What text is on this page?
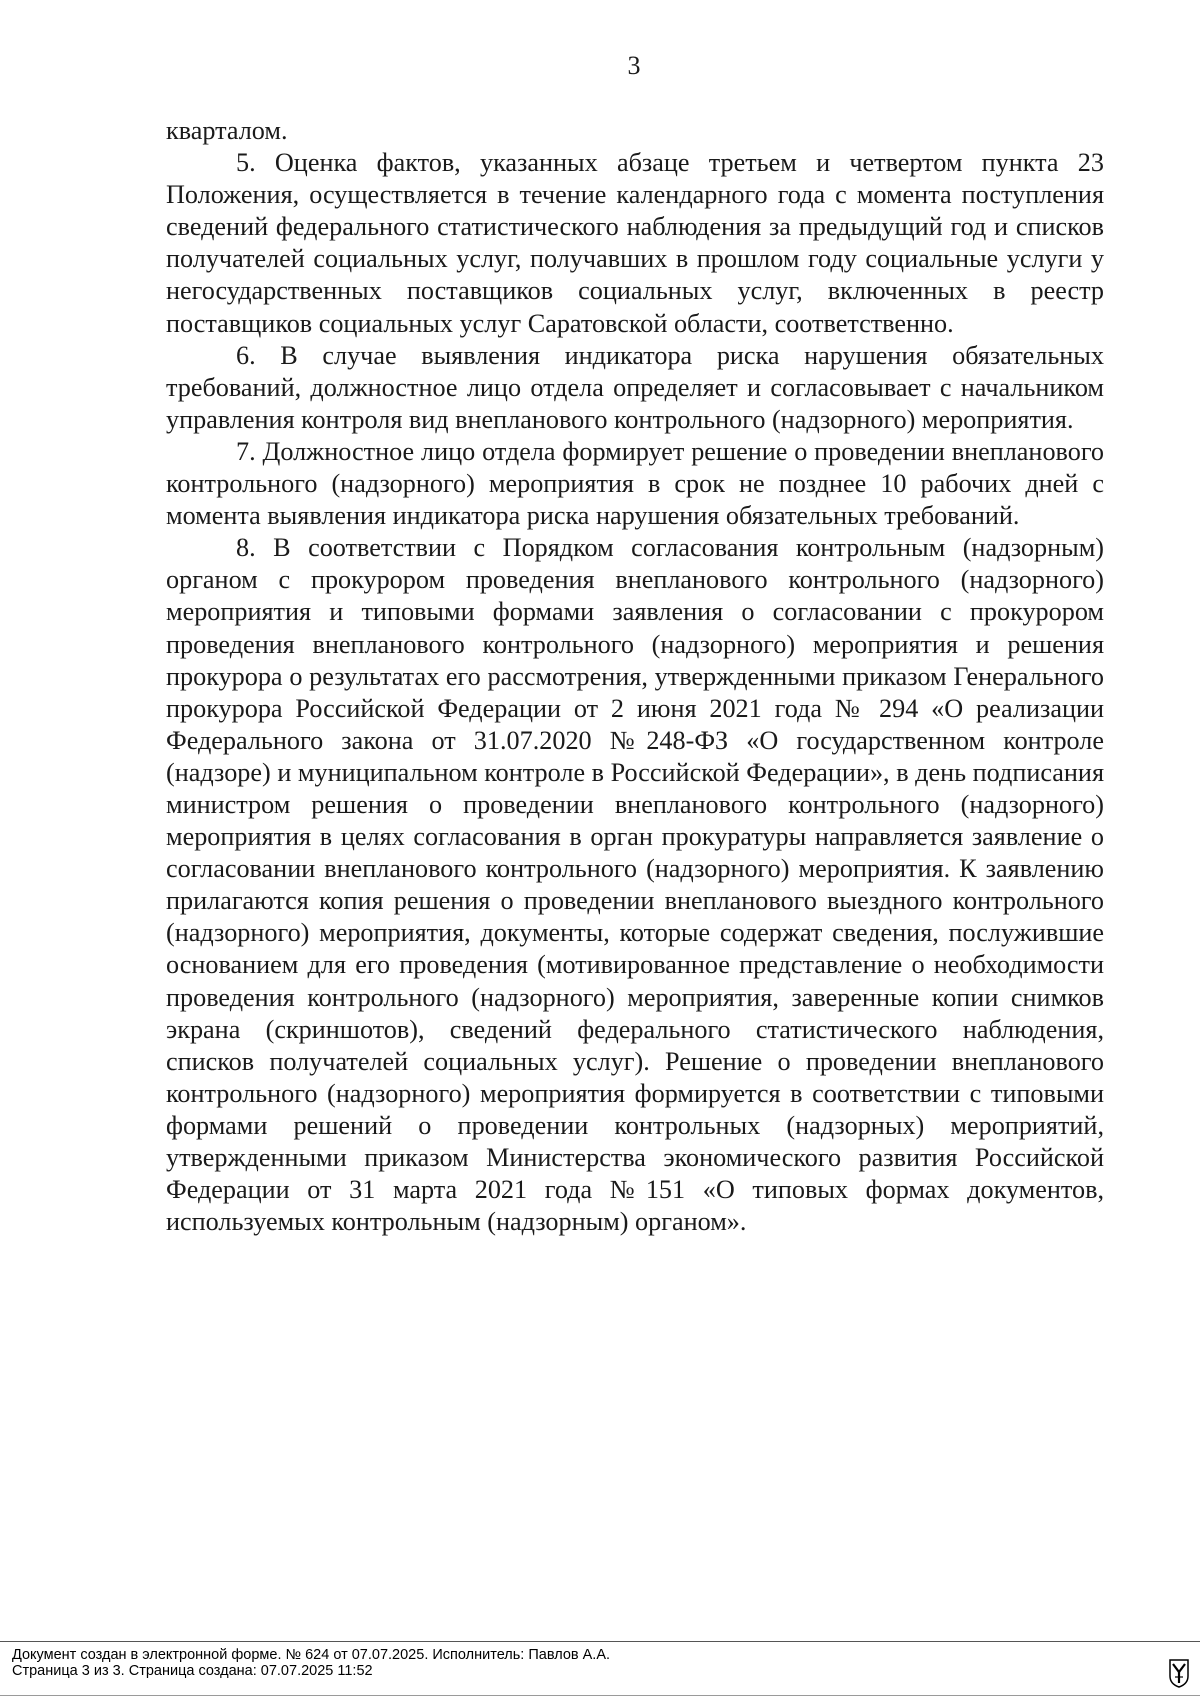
3

кварталом.

5. Оценка фактов, указанных абзаце третьем и четвертом пункта 23 Положения, осуществляется в течение календарного года с момента поступления сведений федерального статистического наблюдения за предыдущий год и списков получателей социальных услуг, получавших в прошлом году социальные услуги у негосударственных поставщиков социальных услуг, включенных в реестр поставщиков социальных услуг Саратовской области, соответственно.

6. В случае выявления индикатора риска нарушения обязательных требований, должностное лицо отдела определяет и согласовывает с начальником управления контроля вид внепланового контрольного (надзорного) мероприятия.

7. Должностное лицо отдела формирует решение о проведении внепланового контрольного (надзорного) мероприятия в срок не позднее 10 рабочих дней с момента выявления индикатора риска нарушения обязательных требований.

8. В соответствии с Порядком согласования контрольным (надзорным) органом с прокурором проведения внепланового контрольного (надзорного) мероприятия и типовыми формами заявления о согласовании с прокурором проведения внепланового контрольного (надзорного) мероприятия и решения прокурора о результатах его рассмотрения, утвержденными приказом Генерального прокурора Российской Федерации от 2 июня 2021 года № 294 «О реализации Федерального закона от 31.07.2020 №248-ФЗ «О государственном контроле (надзоре) и муниципальном контроле в Российской Федерации», в день подписания министром решения о проведении внепланового контрольного (надзорного) мероприятия в целях согласования в орган прокуратуры направляется заявление о согласовании внепланового контрольного (надзорного) мероприятия. К заявлению прилагаются копия решения о проведении внепланового выездного контрольного (надзорного) мероприятия, документы, которые содержат сведения, послужившие основанием для его проведения (мотивированное представление о необходимости проведения контрольного (надзорного) мероприятия, заверенные копии снимков экрана (скриншотов), сведений федерального статистического наблюдения, списков получателей социальных услуг). Решение о проведении внепланового контрольного (надзорного) мероприятия формируется в соответствии с типовыми формами решений о проведении контрольных (надзорных) мероприятий, утвержденными приказом Министерства экономического развития Российской Федерации от 31 марта 2021 года №151 «О типовых формах документов, используемых контрольным (надзорным) органом».

Документ создан в электронной форме. № 624 от 07.07.2025. Исполнитель: Павлов А.А.
Страница 3 из 3. Страница создана: 07.07.2025 11:52
